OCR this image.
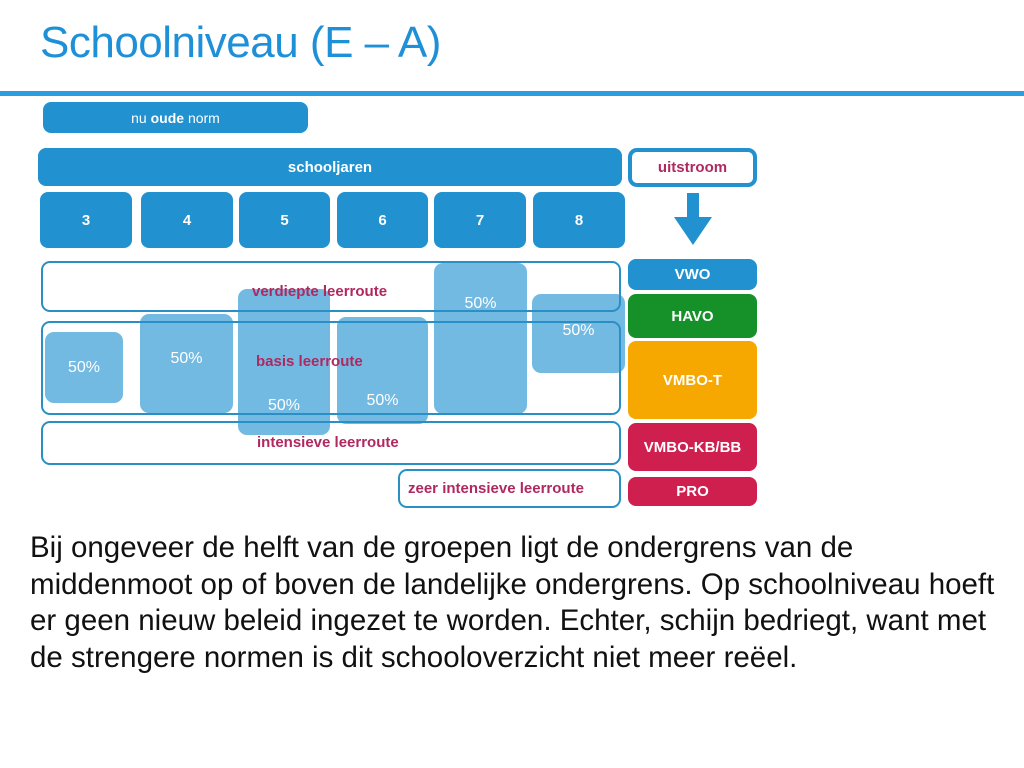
Schoolniveau (E – A)
nu oude norm
schooljaren
3	4	5	6	7	8
50%
50%
50%	50%
50%
50%
verdiepte leerroute
basis leerroute
intensieve leerroute
zeer intensieve leerroute
uitstroom
VWO
HAVO
VMBO-T
VMBO-KB/BB
PRO
Bij ongeveer de helft van de groepen ligt de ondergrens van de middenmoot op of boven de landelijke ondergrens. Op schoolniveau hoeft er geen nieuw beleid ingezet te worden. Echter, schijn bedriegt, want met de strengere normen is dit schooloverzicht niet meer reëel.
